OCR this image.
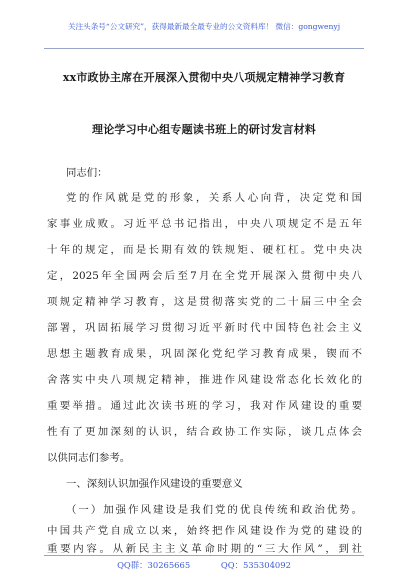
关注头条号“公文研究”，获得最新最全最专业的公文资料库！ 微信：gongwenyj
xx市政协主席在开展深入贯彻中央八项规定精神学习教育
理论学习中心组专题读书班上的研讨发言材料
同志们：
党的作风就是党的形象，关系人心向背，决定党和国
家事业成败。习近平总书记指出，中央八项规定不是五年
十年的规定，而是长期有效的铁规矩、硬杠杠。党中央决
定，2025年全国两会后至7月在全党开展深入贯彻中央八
项规定精神学习教育，这是贯彻落实党的二十届三中全会
部署，巩固拓展学习贯彻习近平新时代中国特色社会主义
思想主题教育成果，巩固深化党纪学习教育成果，锲而不
舍落实中央八项规定精神，推进作风建设常态化长效化的
重要举措。通过此次读书班的学习，我对作风建设的重要
性有了更加深刻的认识，结合政协工作实际，谈几点体会
以供同志们参考。
一、深刻认识加强作风建设的重要意义
（一）加强作风建设是我们党的优良传统和政治优势。
中国共产党自成立以来，始终把作风建设作为党的建设的
QQ群：30265665	QQ：535304092
重要内容。从新民主主义革命时期的“三大作风”，到社
